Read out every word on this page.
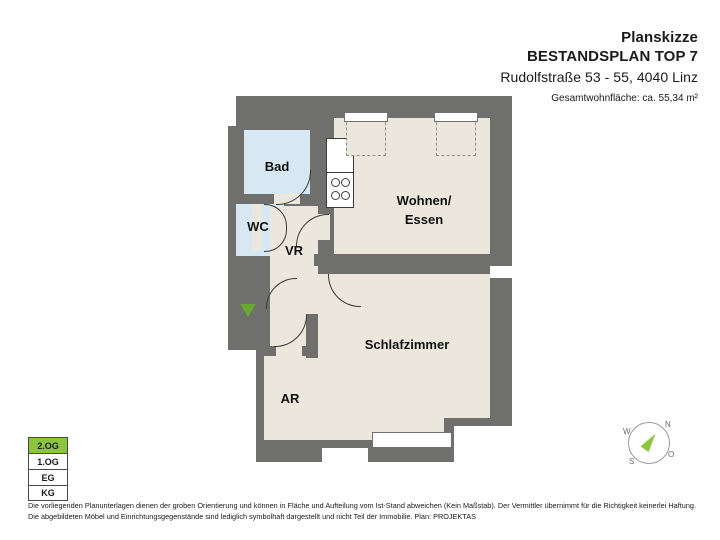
Planskizze
BESTANDSPLAN TOP 7
Rudolfstraße 53 - 55, 4040 Linz
Gesamtwohnfläche: ca. 55,34 m²
Bad
WC
VR
AR
Wohnen/
Essen
Schlafzimmer
2.OG
1.OG
EG
KG
N
S
W
O
Die vorliegenden Planunterlagen dienen der groben Orientierung und können in Fläche und Aufteilung vom Ist-Stand abweichen (Kein Maßstab). Der Vermittler übernimmt für die Richtigkeit keinerlei Haftung. Die abgebildeten Möbel und Einrichtungsgegenstände sind lediglich symbolhaft dargestellt und nicht Teil der Immobilie. Plan: PROJEKTAS
